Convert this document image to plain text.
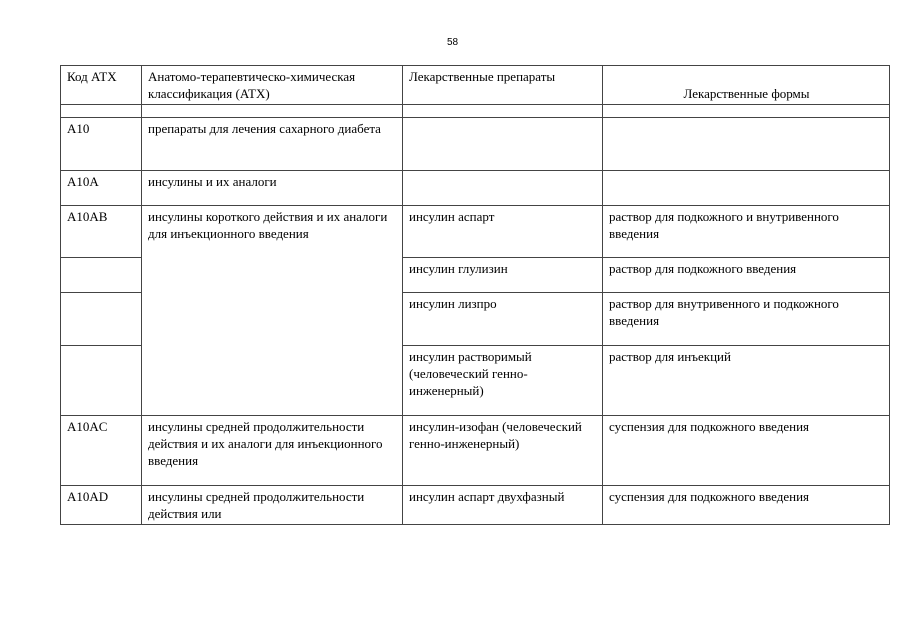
58
Код АТХ	Анатомо-терапевтическо-химическая классификация (АТХ)	Лекарственные препараты	Лекарственные формы

A10	препараты для лечения сахарного диабета		
A10A	инсулины и их аналоги		
A10AB	инсулины короткого действия и их аналоги для инъекционного введения	инсулин аспарт	раствор для подкожного и внутривенного введения
		инсулин глулизин	раствор для подкожного введения
		инсулин лизпро	раствор для внутривенного и подкожного введения
		инсулин растворимый (человеческий генно-инженерный)	раствор для инъекций
A10AC	инсулины средней продолжительности действия и их аналоги для инъекционного введения	инсулин-изофан (человеческий генно-инженерный)	суспензия для подкожного введения
A10AD	инсулины средней продолжительности действия или	инсулин аспарт двухфазный	суспензия для подкожного введения
